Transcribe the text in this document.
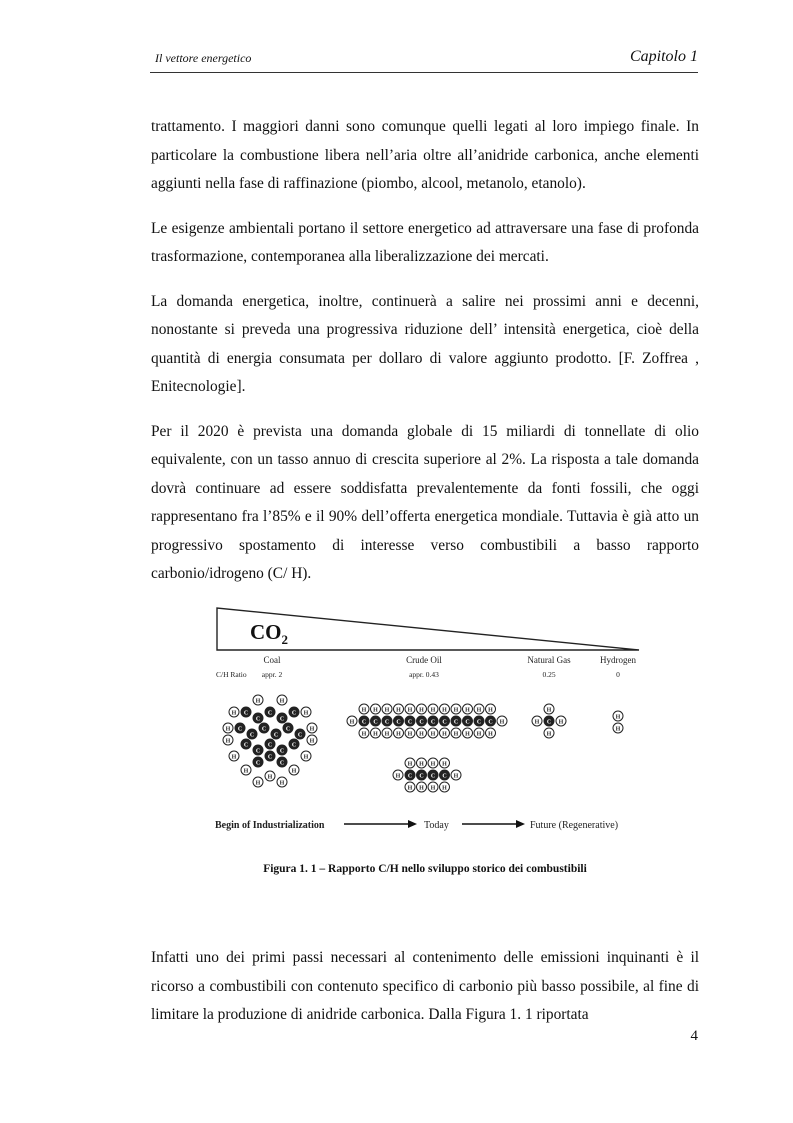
Il vettore energetico	Capitolo 1

trattamento. I maggiori danni sono comunque quelli legati al loro impiego finale. In particolare la combustione libera nell’aria oltre all’anidride carbonica, anche elementi aggiunti nella fase di raffinazione (piombo, alcool, metanolo, etanolo).

Le esigenze ambientali portano il settore energetico ad attraversare una fase di profonda trasformazione, contemporanea alla liberalizzazione dei mercati.

La domanda energetica, inoltre, continuerà a salire nei prossimi anni e decenni, nonostante si preveda una progressiva riduzione dell’ intensità energetica, cioè della quantità di energia consumata per dollaro di valore aggiunto prodotto. [F. Zoffrea , Enitecnologie].

Per il 2020 è prevista una domanda globale di 15 miliardi di tonnellate di olio equivalente, con un tasso annuo di crescita superiore al 2%. La risposta a tale domanda dovrà continuare ad essere soddisfatta prevalentemente da fonti fossili, che oggi rappresentano fra l’85% e il 90% dell’offerta energetica mondiale. Tuttavia è già atto un progressivo spostamento di interesse verso combustibili a basso rapporto carbonio/idrogeno (C/ H).

$CO_2$
Coal
C/H Ratio appr. 2
Crude Oil
appr. 0.43
Natural Gas
0.25
Hydrogen
0
C
C
C
C
C
C
C
C
C
C
C
C
C
C
C
C
C
C
C
H	H
H	H
H	H
H	H
H	H
H	H
H	H
H
C
H
H
C
H
H
C
H
H
C
H
H
C
H
H
C
H
H
C
H
H
C
H
H
C
H
H
C
H
H
C
H
H
C
H
H
H	H
C
H
H
C
H
H
C
H
H
C
H
H
H	H
C
H
H
H	H
H
H
Begin of Industrialization	Today	Future (Regenerative)
Figura 1. 1 – Rapporto C/H nello sviluppo storico dei combustibili

Infatti uno dei primi passi necessari al contenimento delle emissioni inquinanti è il ricorso a combustibili con contenuto specifico di carbonio più basso possibile, al fine di limitare la produzione di anidride carbonica. Dalla Figura 1. 1 riportata

4
